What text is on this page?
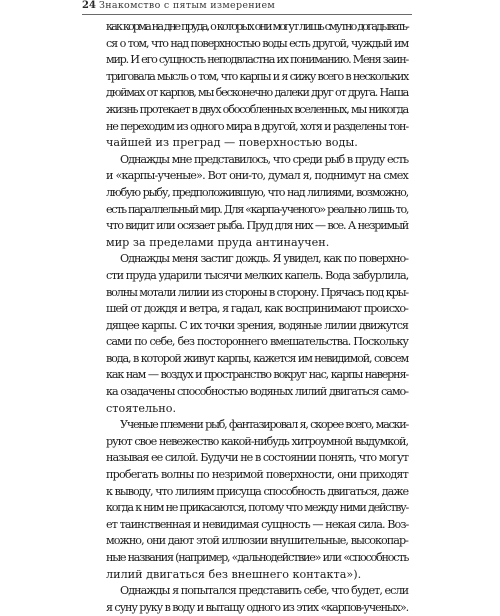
24 Знакомство с пятым измерением
как корма на дне пруда, о которых они могут лишь смутно догадывать-
ся о том, что над поверхностью воды есть другой, чуждый им
мир. И его сущность неподвластна их пониманию. Меня заин-
триговала мысль о том, что карпы и я сижу всего в нескольких
дюймах от карпов, мы бесконечно далеки друг от друга. Наша
жизнь протекает в двух обособленных вселенных, мы никогда
не переходим из одного мира в другой, хотя и разделены тон-
чайшей из преград — поверхностью воды.
Однажды мне представилось, что среди рыб в пруду есть
и «карпы-ученые». Вот они-то, думал я, поднимут на смех
любую рыбу, предположившую, что над лилиями, возможно,
есть параллельный мир. Для «карпа-ученого» реально лишь то,
что видит или осязает рыба. Пруд для них — все. А незримый
мир за пределами пруда антинаучен.
Однажды меня застиг дождь. Я увидел, как по поверхно-
сти пруда ударили тысячи мелких капель. Вода забурлила,
волны мотали лилии из стороны в сторону. Прячась под кры-
шей от дождя и ветра, я гадал, как воспринимают происхо-
дящее карпы. С их точки зрения, водяные лилии движутся
сами по себе, без постороннего вмешательства. Поскольку
вода, в которой живут карпы, кажется им невидимой, совсем
как нам — воздух и пространство вокруг нас, карпы наверня-
ка озадачены способностью водяных лилий двигаться само-
стоятельно.
Ученые племени рыб, фантазировал я, скорее всего, маски-
руют свое невежество какой-нибудь хитроумной выдумкой,
называя ее силой. Будучи не в состоянии понять, что могут
пробегать волны по незримой поверхности, они приходят
к выводу, что лилиям присуща способность двигаться, даже
когда к ним не прикасаются, потому что между ними действу-
ет таинственная и невидимая сущность — некая сила. Воз-
можно, они дают этой иллюзии внушительные, высокопар-
ные названия (например, «дальнодействие» или «способность
лилий двигаться без внешнего контакта»).
Однажды я попытался представить себе, что будет, если
я суну руку в воду и вытащу одного из этих «карпов-ученых».
